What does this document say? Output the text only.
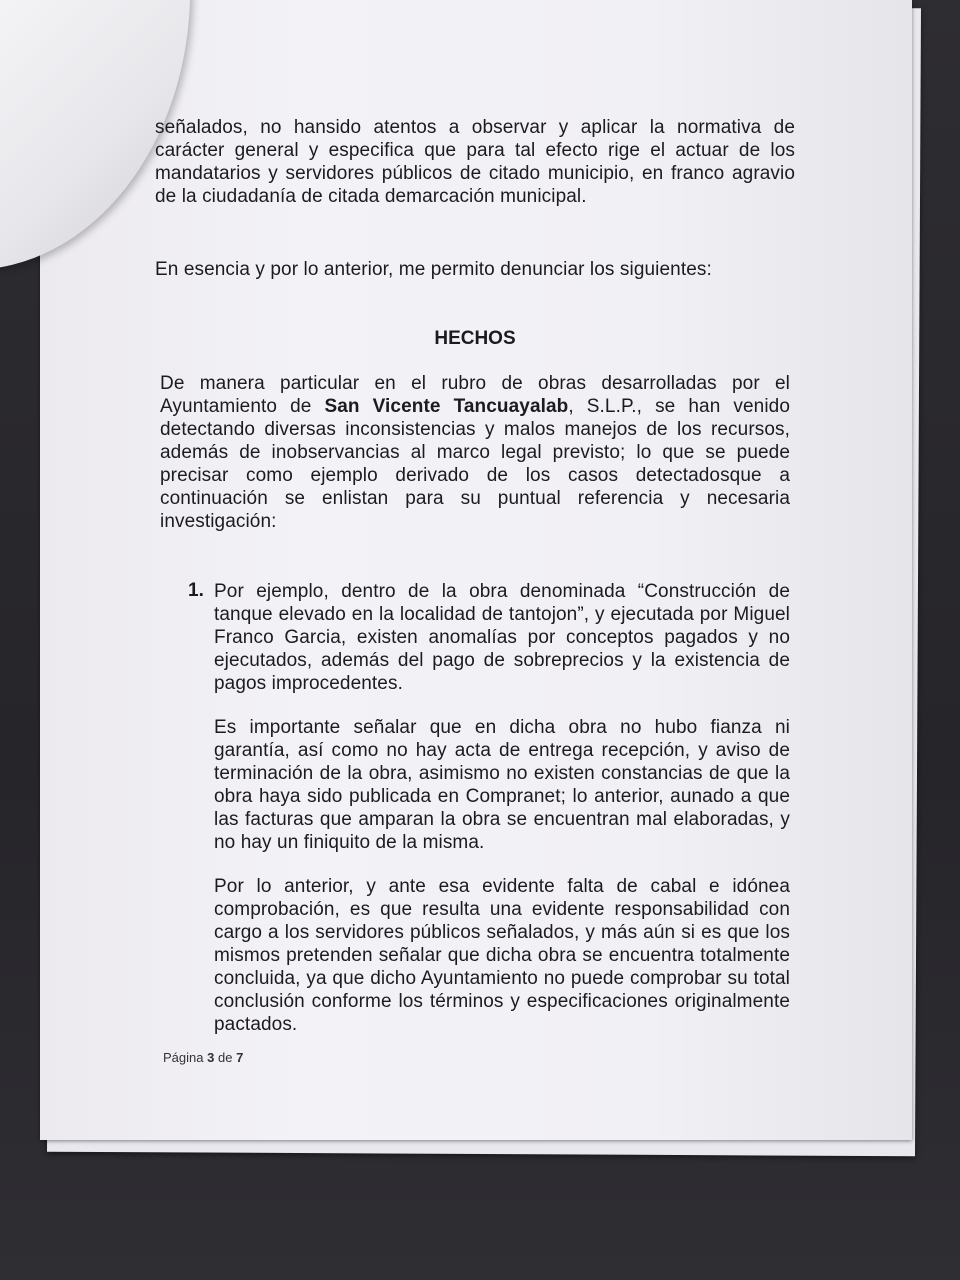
señalados, no hansido atentos a observar y aplicar la normativa de carácter general y especifica que para tal efecto rige el actuar de los mandatarios y servidores públicos de citado municipio, en franco agravio de la ciudadanía de citada demarcación municipal.

En esencia y por lo anterior, me permito denunciar los siguientes:

HECHOS

De manera particular en el rubro de obras desarrolladas por el Ayuntamiento de San Vicente Tancuayalab, S.L.P., se han venido detectando diversas inconsistencias y malos manejos de los recursos, además de inobservancias al marco legal previsto; lo que se puede precisar como ejemplo derivado de los casos detectadosque a continuación se enlistan para su puntual referencia y necesaria investigación:

1. Por ejemplo, dentro de la obra denominada “Construcción de tanque elevado en la localidad de tantojon”, y ejecutada por Miguel Franco Garcia, existen anomalías por conceptos pagados y no ejecutados, además del pago de sobreprecios y la existencia de pagos improcedentes.

Es importante señalar que en dicha obra no hubo fianza ni garantía, así como no hay acta de entrega recepción, y aviso de terminación de la obra, asimismo no existen constancias de que la obra haya sido publicada en Compranet; lo anterior, aunado a que las facturas que amparan la obra se encuentran mal elaboradas, y no hay un finiquito de la misma.

Por lo anterior, y ante esa evidente falta de cabal e idónea comprobación, es que resulta una evidente responsabilidad con cargo a los servidores públicos señalados, y más aún si es que los mismos pretenden señalar que dicha obra se encuentra totalmente concluida, ya que dicho Ayuntamiento no puede comprobar su total conclusión conforme los términos y especificaciones originalmente pactados.

Página 3 de 7
